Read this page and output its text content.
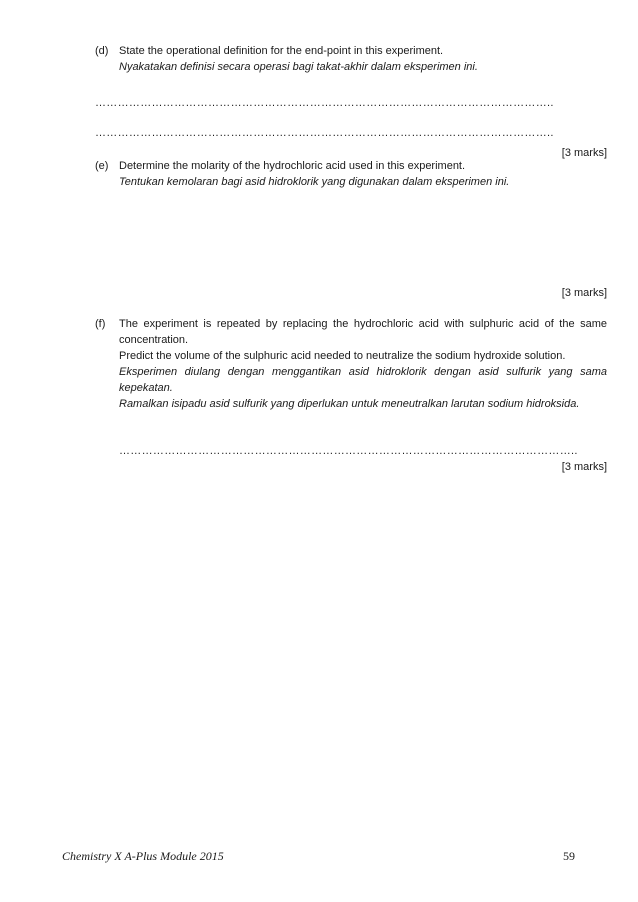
(d) State the operational definition for the end-point in this experiment.
Nyakatakan definisi secara operasi bagi takat-akhir dalam eksperimen ini.
…………………………………………………………………………………………………………..
…………………………………………………………………………………………………………..
[3 marks]
(e) Determine the molarity of the hydrochloric acid used in this experiment.
Tentukan kemolaran bagi asid hidroklorik yang digunakan dalam eksperimen ini.
[3 marks]
(f)	The experiment is repeated by replacing the hydrochloric acid with sulphuric acid of the same concentration.
Predict the volume of the sulphuric acid needed to neutralize the sodium hydroxide solution.
Eksperimen diulang dengan menggantikan asid hidroklorik dengan asid sulfurik yang sama kepekatan.
Ramalkan isipadu asid sulfurik yang diperlukan untuk meneutralkan larutan sodium hidroksida.
…………………………………………………………………………………………………………..
[3 marks]
Chemistry X A-Plus Module 2015	59
